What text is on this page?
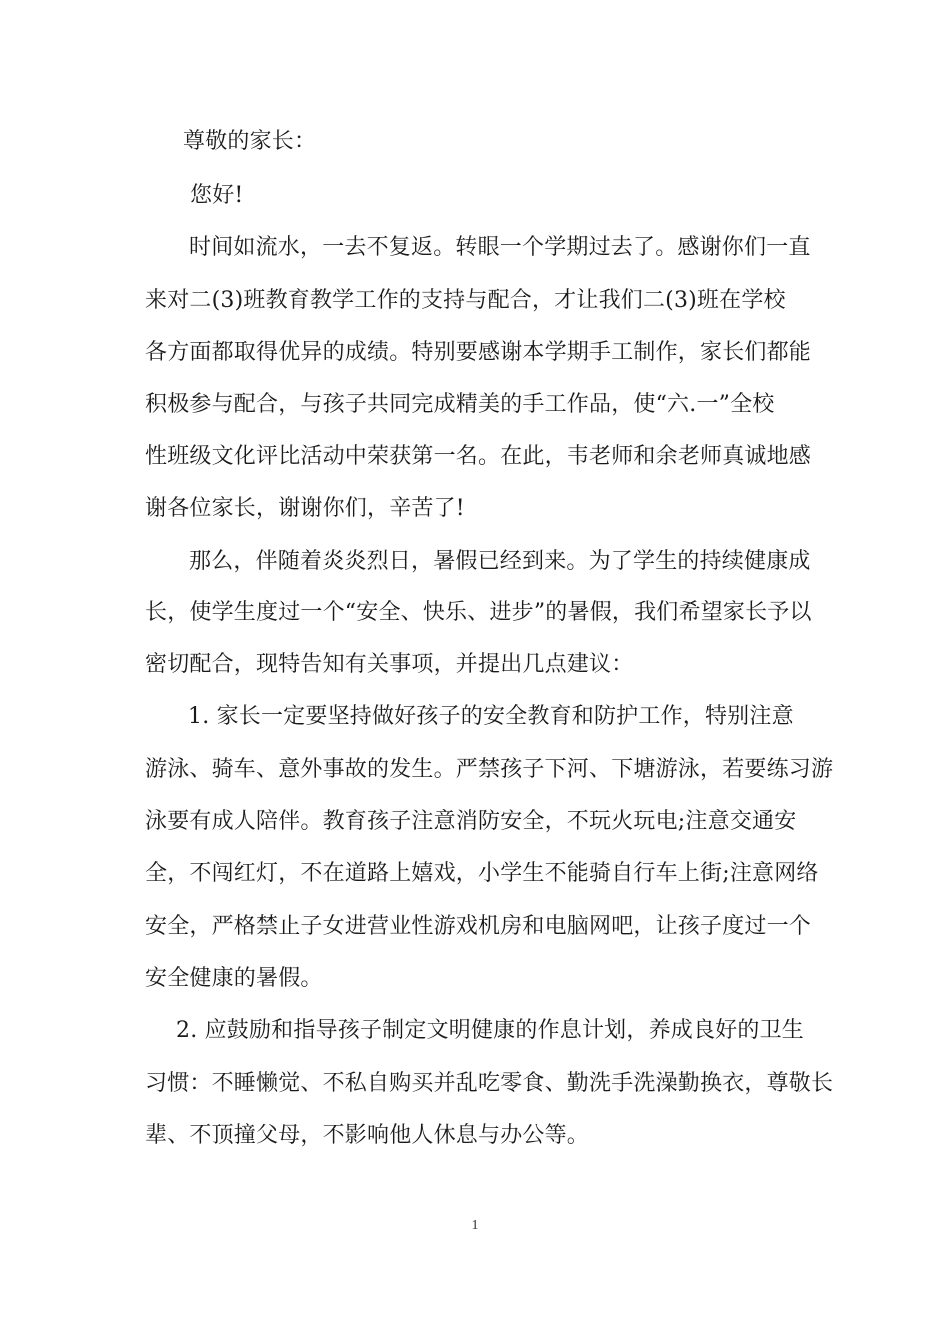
尊敬的家长：
您好!
时间如流水，一去不复返。转眼一个学期过去了。感谢你们一直
来对二(3)班教育教学工作的支持与配合，才让我们二(3)班在学校
各方面都取得优异的成绩。特别要感谢本学期手工制作，家长们都能
积极参与配合，与孩子共同完成精美的手工作品，使“六.一”全校
性班级文化评比活动中荣获第一名。在此，韦老师和余老师真诚地感
谢各位家长，谢谢你们，辛苦了!
那么，伴随着炎炎烈日，暑假已经到来。为了学生的持续健康成
长，使学生度过一个“安全、快乐、进步”的暑假，我们希望家长予以
密切配合，现特告知有关事项，并提出几点建议：
1. 家长一定要坚持做好孩子的安全教育和防护工作，特别注意
游泳、骑车、意外事故的发生。严禁孩子下河、下塘游泳，若要练习游
泳要有成人陪伴。教育孩子注意消防安全，不玩火玩电;注意交通安
全，不闯红灯，不在道路上嬉戏，小学生不能骑自行车上街;注意网络
安全，严格禁止子女进营业性游戏机房和电脑网吧，让孩子度过一个
安全健康的暑假。
2. 应鼓励和指导孩子制定文明健康的作息计划，养成良好的卫生
习惯：不睡懒觉、不私自购买并乱吃零食、勤洗手洗澡勤换衣，尊敬长
辈、不顶撞父母，不影响他人休息与办公等。
1
